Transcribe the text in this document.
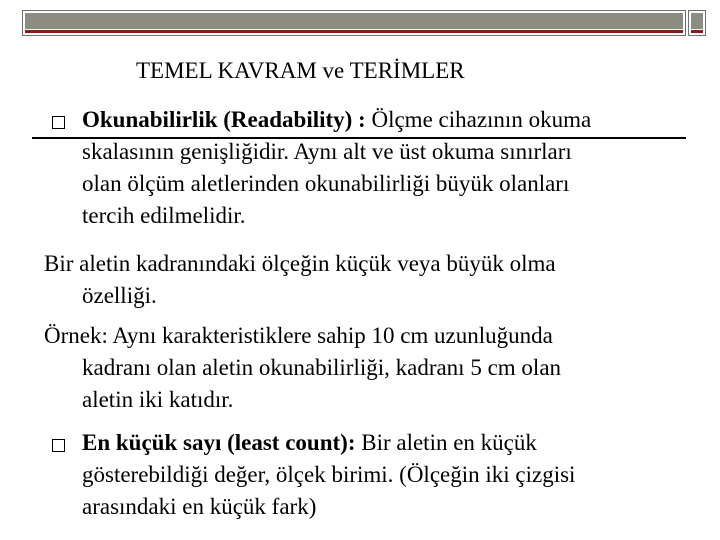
TEMEL KAVRAM ve TERİMLER
Okunabilirlik (Readability) : Ölçme cihazının okuma
skalasının genişliğidir. Aynı alt ve üst okuma sınırları
olan ölçüm aletlerinden okunabilirliği büyük olanları
tercih edilmelidir.
Bir aletin kadranındaki ölçeğin küçük veya büyük olma
özelliği.
Örnek: Aynı karakteristiklere sahip 10 cm uzunluğunda
kadranı olan aletin okunabilirliği, kadranı 5 cm olan
aletin iki katıdır.
En küçük sayı (least count): Bir aletin en küçük
gösterebildiği değer, ölçek birimi. (Ölçeğin iki çizgisi
arasındaki en küçük fark)
